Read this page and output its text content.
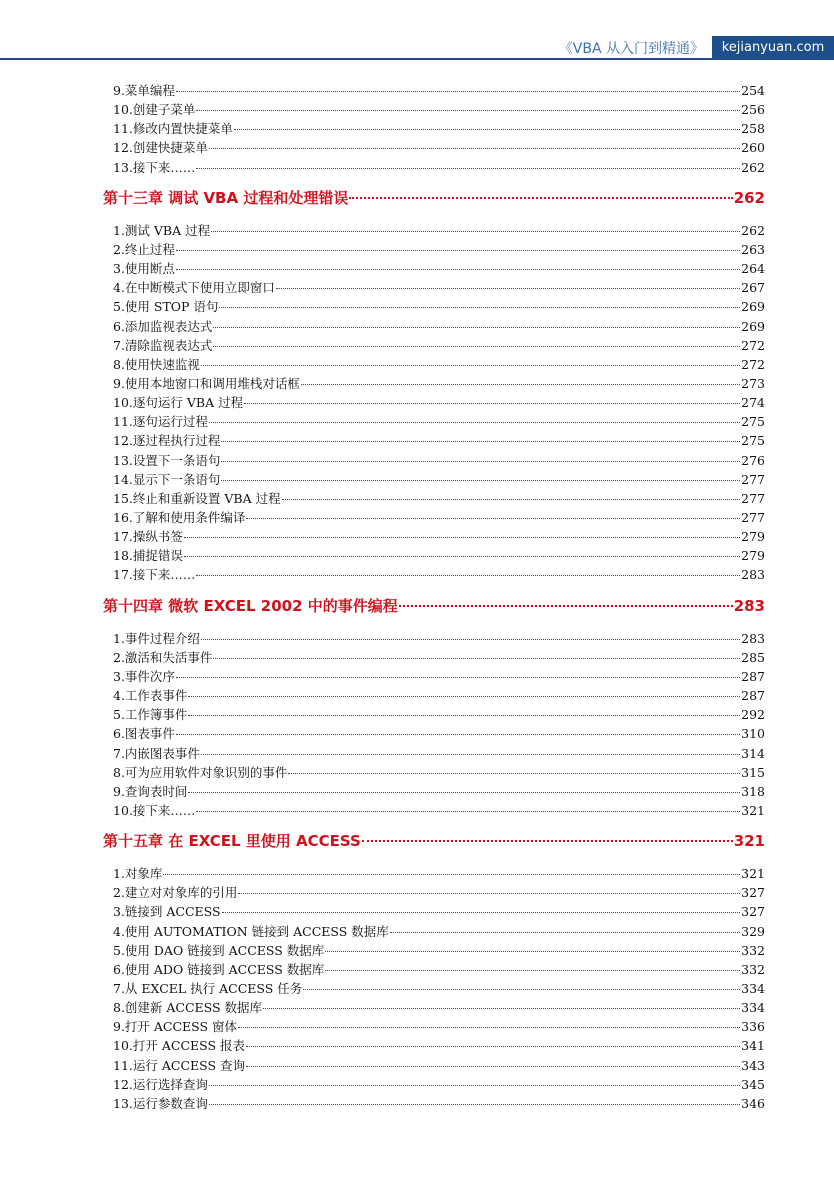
《VBA 从入门到精通》	kejianyuan.com
9.菜单编程	254
10.创建子菜单	256
11.修改内置快捷菜单	258
12.创建快捷菜单	260
13.接下来……	262
第十三章 调试 VBA 过程和处理错误	262
1.测试 VBA 过程	262
2.终止过程	263
3.使用断点	264
4.在中断模式下使用立即窗口	267
5.使用 STOP 语句	269
6.添加监视表达式	269
7.清除监视表达式	272
8.使用快速监视	272
9.使用本地窗口和调用堆栈对话框	273
10.逐句运行 VBA 过程	274
11.逐句运行过程	275
12.逐过程执行过程	275
13.设置下一条语句	276
14.显示下一条语句	277
15.终止和重新设置 VBA 过程	277
16.了解和使用条件编译	277
17.操纵书签	279
18.捕捉错误	279
17.接下来……	283
第十四章 微软 EXCEL 2002 中的事件编程	283
1.事件过程介绍	283
2.激活和失活事件	285
3.事件次序	287
4.工作表事件	287
5.工作簿事件	292
6.图表事件	310
7.内嵌图表事件	314
8.可为应用软件对象识别的事件	315
9.查询表时间	318
10.接下来……	321
第十五章 在 EXCEL 里使用 ACCESS	321
1.对象库	321
2.建立对对象库的引用	327
3.链接到 ACCESS	327
4.使用 AUTOMATION 链接到 ACCESS 数据库	329
5.使用 DAO 链接到 ACCESS 数据库	332
6.使用 ADO 链接到 ACCESS 数据库	332
7.从 EXCEL 执行 ACCESS 任务	334
8.创建新 ACCESS 数据库	334
9.打开 ACCESS 窗体	336
10.打开 ACCESS 报表	341
11.运行 ACCESS 查询	343
12.运行选择查询	345
13.运行参数查询	346
